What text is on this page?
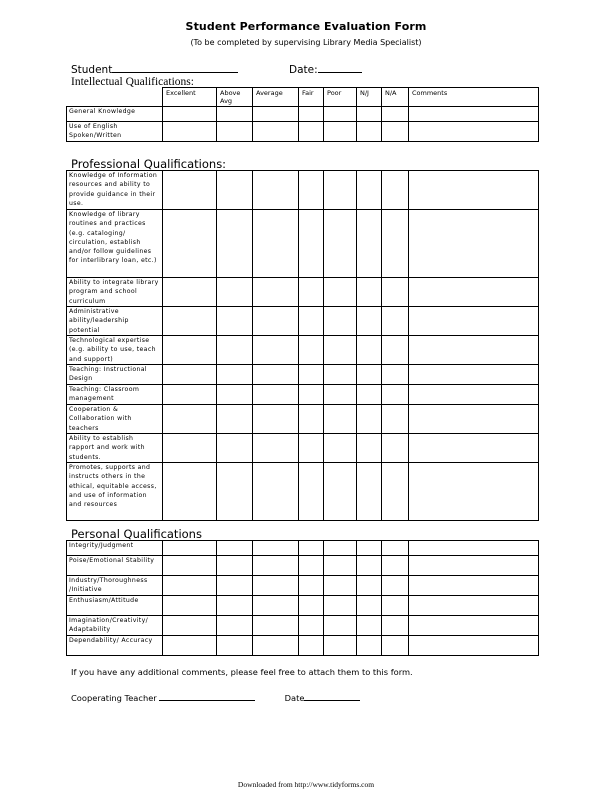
Student Performance Evaluation Form
(To be completed by supervising Library Media Specialist)
Student	Date:
Intellectual Qualifications:
	Excellent	Above Avg	Average	Fair	Poor	N/J	N/A	Comments
General Knowledge								
Use of English Spoken/Written								
Professional Qualifications:
Knowledge of Information resources and ability to provide guidance in their use.								
Knowledge of library routines and practices (e.g. cataloging/ circulation, establish and/or follow guidelines for interlibrary loan, etc.)								
Ability to integrate library program and school curriculum								
Administrative ability/leadership potential								
Technological expertise (e.g. ability to use, teach and support)								
Teaching: Instructional Design								
Teaching: Classroom management								
Cooperation & Collaboration with teachers								
Ability to establish rapport and work with students.								
Promotes, supports and instructs others in the ethical, equitable access, and use of information and resources								
Personal Qualifications
Integrity/Judgment								
Poise/Emotional Stability								
Industry/Thoroughness /Initiative								
Enthusiasm/Attitude								
Imagination/Creativity/ Adaptability								
Dependability/ Accuracy								
If you have any additional comments, please feel free to attach them to this form.
Cooperating Teacher	Date
Downloaded from http://www.tidyforms.com
